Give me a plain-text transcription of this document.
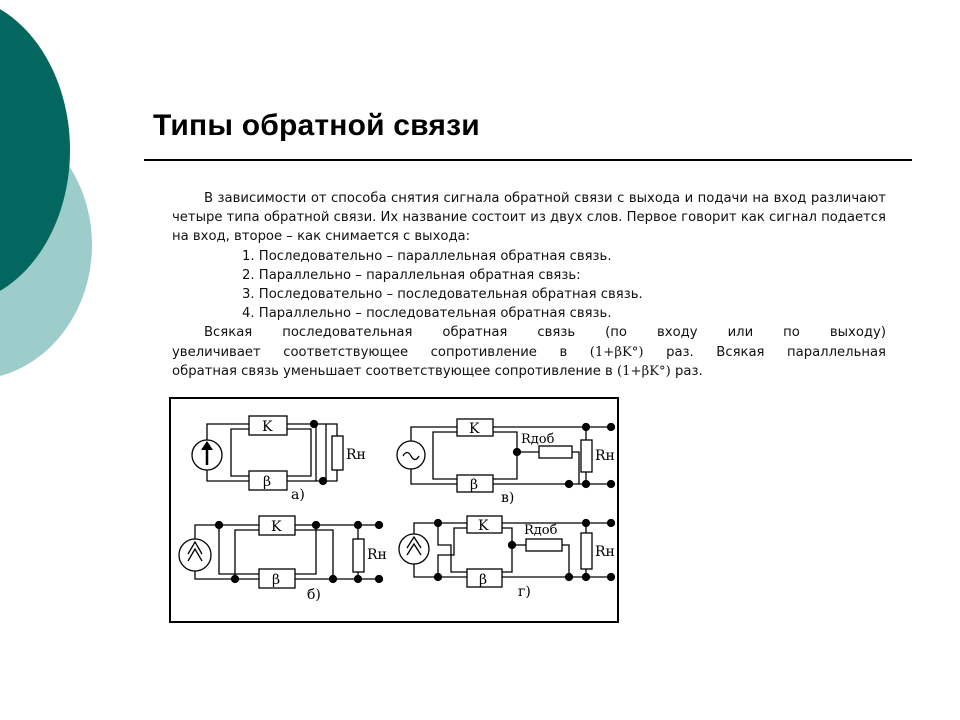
Типы обратной связи

В зависимости от способа снятия сигнала обратной связи с выхода и подачи на вход различают четыре типа обратной связи. Их название состоит из двух слов. Первое говорит как сигнал подается на вход, второе – как снимается с выхода:

1. Последовательно – параллельная обратная связь.

2. Параллельно – параллельная обратная связь:

3. Последовательно – последовательная обратная связь.

4. Параллельно – последовательная обратная связь.

Всякая последовательная обратная связь (по входу или по выходу)

увеличивает соответствующее сопротивление в (1+βK°) раз. Всякая параллельная

обратная связь уменьшает соответствующее сопротивление в (1+βK°) раз.

K
β
Rн
а)
K
β
Rдоб
Rн
в)
K
β
Rн
б)
K
β
Rдоб
Rн
г)
